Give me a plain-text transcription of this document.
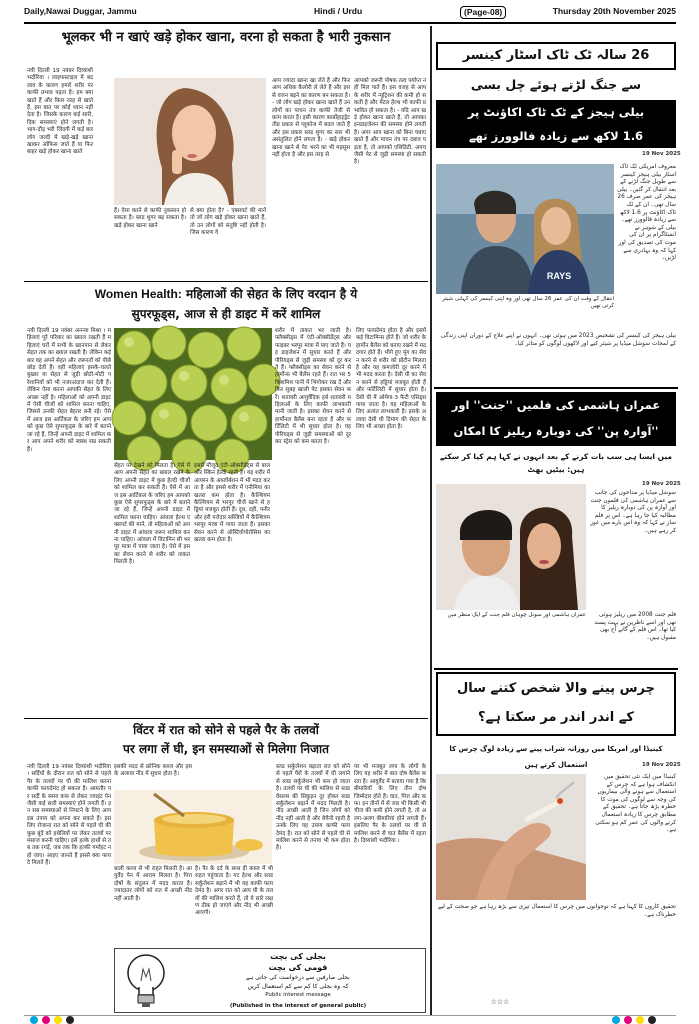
Daily,Nawai Duggar, Jammu	Hindi / Urdu	(Page-08)	Thursday 20th November 2025
भूलकर भी न खाएं खड़े होकर खाना, वरना हो सकता है भारी नुकसान
नयी दिल्ली 19 नवंबर दिव्यांशी भदौरिया । लाइफस्टाइल में बदलाव के कारण हमारे शरीर पर काफी प्रभाव पड़ता है। हम क्या खाते हैं और किस तरह से खाते हैं, इस बात पर कोई ध्यान नहीं देता है। जिसके कारण कई सारी, दिक समस्याएं होने लगती है। भाग-दौड़ भरी जिंदगी में कई बार लोग जल्दी में खड़े-खड़े खाना खाकर ऑफिस जाते हैं या फिर बाहर खड़े होकर खाना खाते
हैं। ऐसा करने से काफी नुकसान हो सकता है। ब्लड शुगर बढ़ सकता है। खड़े होकर खाना खाने
से क्या होता है? - एक्सपर्ट की मानें तो जो लोग खड़े होकर खाना खाते हैं, तो उन लोगों को संतुष्टि नहीं होती है। जिस कारण वे
आप ज्यादा खाना खा लेते हैं और फिर आप अधिक कैलोरी ले लेते हैं और इससे वजन बढ़ने का कारण बन सकता है। - जो लोग खड़े होकर खाना खाते हैं उन लोगों का पाचन तंत्र काफी तेजी से काम करता है। इसी कारण कार्बोहाइड्रेट तीव्र प्रकार से ग्लूकोज में बदल जाते हैं और इस प्रकार ब्लड शुगर का स्तर भी असंतुलित होने लगता है। - खड़े होकर खाना खाने से पेट भरने का भी महसूस नहीं होता है और इस तरह से
आपको जरूरी पोषक तत्व पर्याप्त नहीं मिल पाते हैं। इस वजह से आपके शरीर में न्यूट्रिशन की कमी हो सकती है और मेंटल हेल्थ भी काफी प्रभावित हो सकता है। - यदि आप खड़े होकर खाना खाते हैं, तो आपका इनडाइजेशन की समस्या होने लगती है। अगर आप खाना को बिना चबाए खाते हैं और पाचन तंत्र पर दबाव पड़ता है, तो आपको एसिडिटी, अपच जैसी पेट से जुड़ी समस्या हो सकती है।
Women Health: महिलाओं की सेहत के लिए वरदान है ये
सुपरफूड्स, आज से ही डाइट में करें शामिल
नयी दिल्ली 19 नवंबर अनन्या मिश्रा । महिलाएं पूरे परिवार का ख्याल रखती हैं महिलाएं घरों में सभी के खानपान से लेकर सेहत तक का ख्याल रखती हैं। लेकिन कई बार वह अपने सेहत और जरूरतों को पीछे छोड़ देती हैं। वहीं महिलाएं इसके-चलते बुखार या सेहत से जुड़ी छोटी-मोटी परेशानियों को भी नजरअंदाज कर देती हैं। लेकिन ऐसा करना आपकी सेहत के लिए अच्छा नहीं है। महिलाओं को अपनी डाइट में ऐसी चीजों को शामिल करना चाहिए, जिससे उनकी सेहत बेहतर बनी रहे। ऐसे में आज इस आर्टिकल के जरिए हम आपको कुछ ऐसे सुपरफूड्स के बारे में बताने जा रहे हैं, जिन्हें अपनी डाइट में शामिल कर आप अपने शरीर को स्वस्थ रख सकती हैं।
सेहत पर देखने को मिलता है। ऐसे में आप अपनी सेहत का ख्याल रखने के लिए अपनी डाइट में कुछ हेल्दी चीजों को शामिल कर सकती हैं। ऐसे में आज इस आर्टिकल के जरिए हम आपको कुछ ऐसे सुपरफूड्स के बारे में बताने जा रहे हैं, जिन्हें अपनी डाइट में शामिल करना चाहिए। आंवला हेल्थ एक्सपर्ट की मानें, तो महिलाओं को अपनी डाइट में आंवला जरूर शामिल करना चाहिए। आंवला में विटामिन सी भरपूर मात्रा में पाया जाता है। ऐसे में इसका सेवन करने से शरीर को ताकत मिलती है।
इसमें मौजूद एंटी-ऑक्सीडेंट्स से बाल और स्किन हेल्दी रहती है। यह शरीर में आयरन के अब्जॉर्बशन में भी मदद करता है और इससे शरीर में एनीमिया का खतरा कम होता है। कैल्शियम कैल्शियम से भरपूर चीजें खाने से हड्डियां मजबूत होती हैं। दूध, दही, पनीर और हरी पत्तेदार सब्जियों में कैल्शियम भरपूर मात्रा में पाया जाता है। इसका सेवन करने से ऑस्टियोपोरोसिस का खतरा कम होता है।
शरीर में ताकत भर जाती है। फ्लैक्सीड्स में एंटी-ऑक्सीडेंट्स और फाइबर भरपूर मात्रा में पाए जाते हैं। यह डाइजेशन में सुधार करते हैं और पीरियड्स से जुड़ी समस्या को दूर करते हैं। फ्लैक्सीड्स का सेवन करने से हार्मोन्स भी बैलेंस रहते हैं। रात भर 5 किशमिश पानी में भिगोकर रख दें और फिर सुबह खाली पेट इसका सेवन करें। शतावरी आयुर्वेदिक हर्ब शतावरी महिलाओं के लिए काफी लाभकारी मानी जाती है। इसका सेवन करने से हार्मोनल बैलेंस बना रहता है और फर्टिलिटी में भी सुधार होता है। यह पीरियड्स से जुड़ी समस्याओं को दूर कर स्ट्रेस को कम करता है।
लिए फायदेमंद होता है और इसमें कई विटामिन्स होते हैं। जो शरीर के हार्मोन बैलेंस को बनाए रखने में मददगार होते हैं। भीगे हुए मूंग का सेवन करने से शरीर को प्रोटीन मिलता है और यह कमजोरी दूर करने में भी मदद करता है। देसी घी का सेवन करने से हड्डियां मजबूत होती हैं और फर्टिलिटी में सुधार होता है। देसी घी में ओमेगा-3 फैटी एसिड्स पाया जाता है। यह महिलाओं के लिए अत्यंत लाभकारी है। इसके अलावा देसी घी दिमाग की सेहत के लिए भी अच्छा होता है।
विंटर में रात को सोने से पहले पैर के तलवों
पर लगा लें घी, इन समस्याओं से मिलेगा निजात
नयी दिल्ली 19 नवंबर दिव्यांशी भदौरिया । सर्दियों के दौरान रात को सोने से पहले पैर के तलवों पर घी की मालिश करना काफी फायदेमंद हो सकता है। आमतौर पर सर्दी के समय कफ से लेकर ज्वाइंट पेन जैसी कई सारी समस्याएं होने लगती हैं। इन सब समस्याओं से निपटने के लिए आप इस उपाय को अपना कर सकते हैं। इसलिए रोजाना रात को सोने से पहले घी की कुछ बूंदें को हथेलियों पर लेकर तलवों पर मसाज करनी चाहिए। इसे हल्के हाथों से तब तक रगड़ें, जब तक कि हल्की गर्माहट न हो जाए। आइए जानते हैं इससे क्या फायदे मिलते हैं।
इसकी मदद से क्रोनिक कब्ज और इसके अलावा नींद में सुधार होता है।
बाली कब्ज से भी राहत मिलती है। आयुर्वेद पेन में आराम मिलता है। पित्त दोषों के संतुलन में मदद करता है। ज्यादातर लोगों को रात में अच्छी नींद नहीं आती है।
है। पैर के दर्द के साथ ही कब्ज में भी राहत पहुंचाता है। गट हेल्थ और ब्लड सर्कुलेशन बढ़ाने में भी यह काफी फायदेमंद है। अगर रात को आप घी के तलवों की मालिश करते हैं, तो ये सारे लक्षण ठीक हो जाएंगे और नींद भी अच्छी आएगी।
ब्लड सर्कुलेशन बढ़ाता रात को सोने से पहले पैरों के तलवों में घी लगाने से ब्लड सर्कुलेशन भी कम हो जाता है। तलवों पर घी की मालिश से ब्लड वेसल्स की सिकुड़न दूर होकर ब्लड सर्कुलेशन बढ़ाने में मदद मिलती है। नींद अच्छी आती है जिन लोगों को नींद नहीं आती है और बेचैनी रहती है उनके लिए यह उपाय काफी फायदेमंद है। रात को सोने से पहले घी से मालिश करने से तनाव भी कम होता है।
पर भी मजबूत लगा के लोगों के लिए यह शरीर में बात दोष बैलेंस करता है। आयुर्वेद में बताया गया है कि बीमारियों के लिए तीन दोष जिम्मेदार होते हैं। वात, पित्त और कफ। इन तीनों में से जब भी किसी भी चीज की कमी होने लगती है, तो अलग-अलग बीमारियां होने लगती हैं। इसलिए पैर के तलवों पर घी से मालिश करने से वात बैलेंस में रहता है। दिव्यांशी भदौरिया ।
بجلی کی بچت
قومی کی بچت
بجلی صارفین سے درخواست کی جاتی ہے
کہ وہ بجلی کا کم سے کم استعمال کریں
Public interest message
(Published in the interest of general public)
26 سالہ ٹک ٹاک اسٹار کینسر
سے جنگ لڑتے ہوئے چل بسی
بیلی ہیجز کے ٹک ٹاک اکاؤنٹ پر
1.6 لاکھ سے زیادہ فالوورز تھے
19 Nov 2025
RAYS
معروف امریکی ٹک ٹاک اسٹار بیلی ہیجز کینسر سے طویل جنگ لڑنے کے بعد انتقال کر گئیں۔ بیلی ہیجز کی عمر صرف 26 سال تھی۔ ان کے ٹک ٹاک اکاؤنٹ پر 1.6 لاکھ سے زیادہ فالوورز تھے۔ بیلی کے شوہر نے انسٹاگرام پر ان کی موت کی تصدیق کی اور کہا کہ وہ بہادری سے لڑیں۔
انتقال کے وقت ان کی عمر 26 سال تھی اور وہ اپنی کینسر کی کہانی شیئر کرتی تھیں
بیلی ہیجز کی کینسر کی تشخیص 2023 میں ہوئی تھی۔ انہوں نے اپنے علاج کے دوران اپنی زندگی کے لمحات سوشل میڈیا پر شیئر کیے اور لاکھوں لوگوں کو متاثر کیا۔
عمران ہاشمی کی فلمیں ''جنت'' اور
''آوارہ پن'' کی دوبارہ ریلیز کا امکان
میں ایسا ہی سب بات کرنے کے بعد انہوں نے کہا ہم کیا کر سکتے ہیں: بیٹیں بھٹ
19 Nov 2025
سوشل میڈیا پر مداحوں کی جانب سے عمران ہاشمی کی فلموں جنت اور آوارہ پن کی دوبارہ ریلیز کا مطالبہ کیا جا رہا ہے۔ اس پر فلم ساز نے کہا کہ وہ اس بارے میں غور کر رہے ہیں۔
عمران ہاشمی اور سونل چوہان فلم جنت کے ایک منظر میں	فلم جنت 2008 میں ریلیز ہوئی تھی اور اسے ناظرین نے بہت پسند کیا تھا۔ اس فلم کے گانے آج بھی مقبول ہیں۔
چرس پینے والا شخص کتنے سال
کے اندر اندر مر سکتا ہے؟
کینیڈا اور امریکا میں روزانہ شراب پینے سے زیادہ لوگ چرس کا استعمال کرتے ہیں	19 Nov 2025
کینیڈا میں ایک نئی تحقیق میں انکشاف ہوا ہے کہ چرس کے استعمال سے ہونے والی بیماریوں کی وجہ سے لوگوں کی موت کا خطرہ بڑھ جاتا ہے۔ تحقیق کے مطابق چرس کا زیادہ استعمال کرنے والوں کی عمر کم ہو سکتی ہے۔
تحقیق کاروں کا کہنا ہے کہ نوجوانوں میں چرس کا استعمال تیزی سے بڑھ رہا ہے جو صحت کے لیے خطرناک ہے۔
☆☆☆
